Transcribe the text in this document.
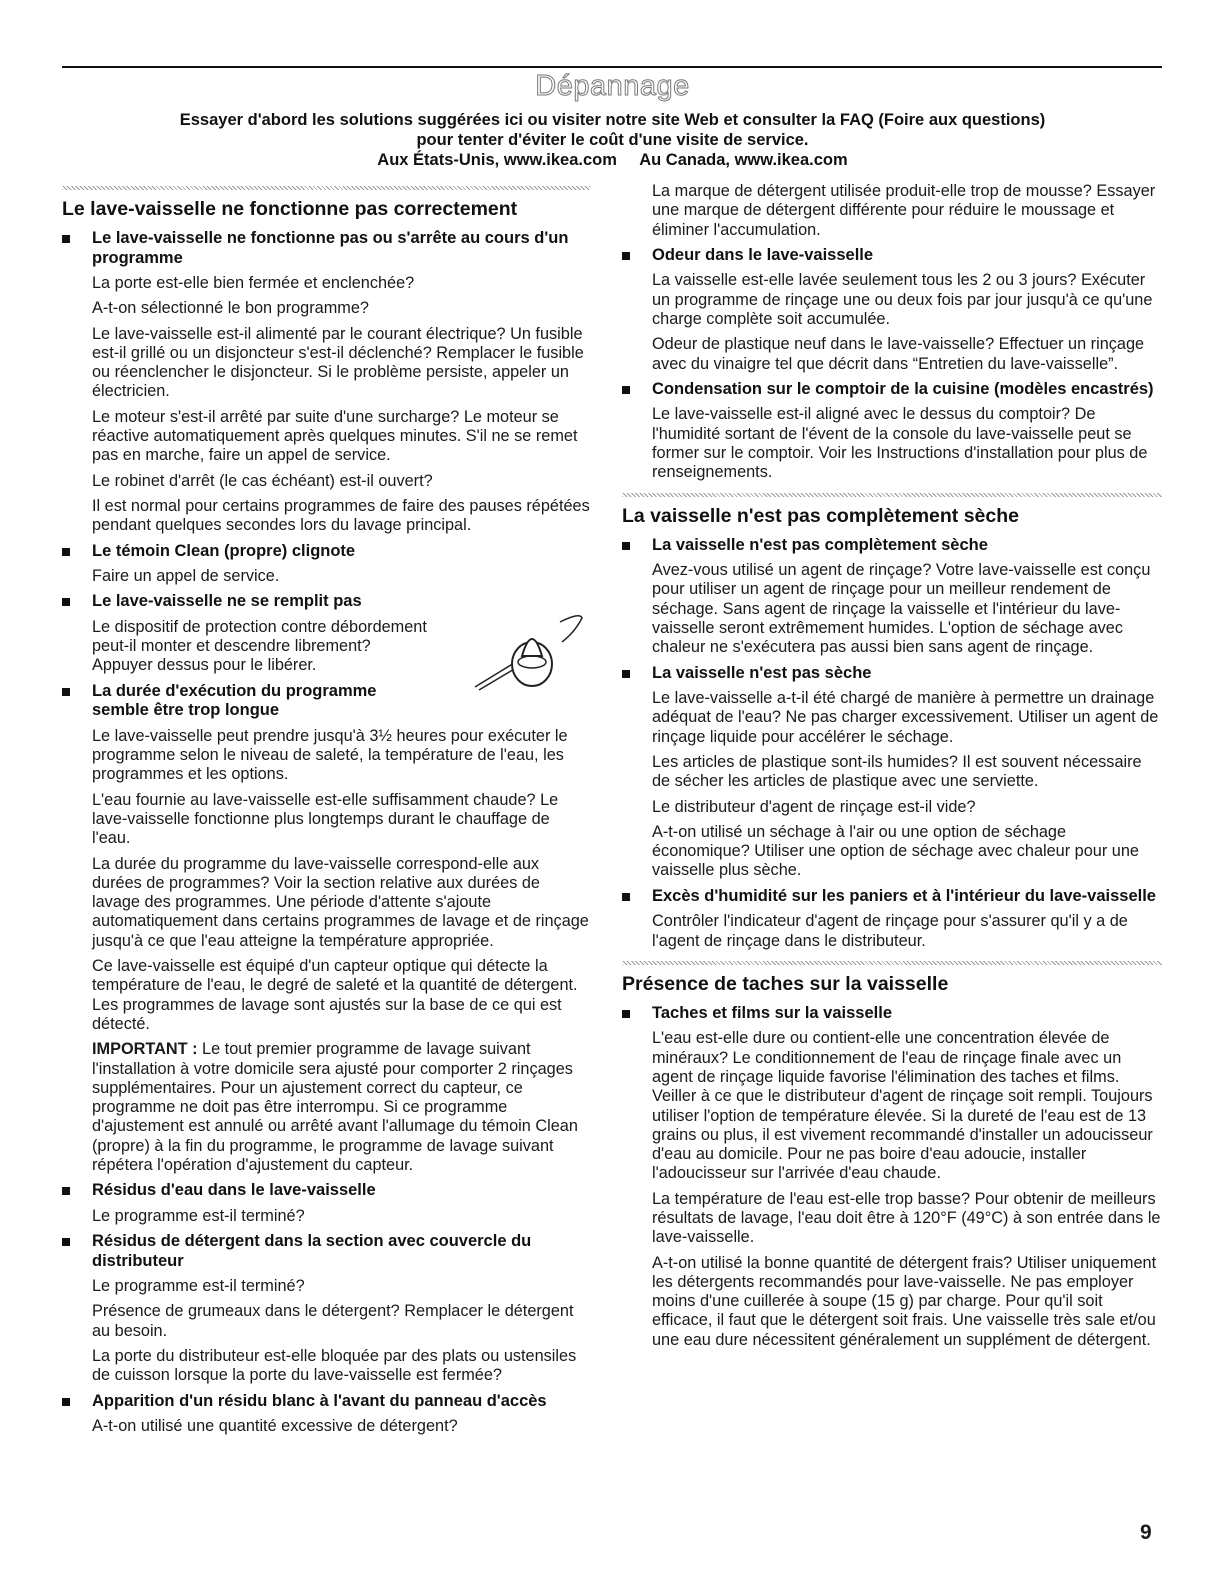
Dépannage
Essayer d'abord les solutions suggérées ici ou visiter notre site Web et consulter la FAQ (Foire aux questions)
pour tenter d'éviter le coût d'une visite de service.
Aux États-Unis, www.ikea.com     Au Canada, www.ikea.com
Le lave-vaisselle ne fonctionne pas correctement
Le lave-vaisselle ne fonctionne pas ou s'arrête au cours d'un programme

La porte est-elle bien fermée et enclenchée?

A-t-on sélectionné le bon programme?

Le lave-vaisselle est-il alimenté par le courant électrique? Un fusible est-il grillé ou un disjoncteur s'est-il déclenché? Remplacer le fusible ou réenclencher le disjoncteur. Si le problème persiste, appeler un électricien.

Le moteur s'est-il arrêté par suite d'une surcharge? Le moteur se réactive automatiquement après quelques minutes. S'il ne se remet pas en marche, faire un appel de service.

Le robinet d'arrêt (le cas échéant) est-il ouvert?

Il est normal pour certains programmes de faire des pauses répétées pendant quelques secondes lors du lavage principal.

Le témoin Clean (propre) clignote

Faire un appel de service.

Le lave-vaisselle ne se remplit pas

Le dispositif de protection contre débordement peut-il monter et descendre librement? Appuyer dessus pour le libérer.

La durée d'exécution du programme semble être trop longue

Le lave-vaisselle peut prendre jusqu'à 3½ heures pour exécuter le programme selon le niveau de saleté, la température de l'eau, les programmes et les options.

L'eau fournie au lave-vaisselle est-elle suffisamment chaude? Le lave-vaisselle fonctionne plus longtemps durant le chauffage de l'eau.

La durée du programme du lave-vaisselle correspond-elle aux durées de programmes? Voir la section relative aux durées de lavage des programmes. Une période d'attente s'ajoute automatiquement dans certains programmes de lavage et de rinçage jusqu'à ce que l'eau atteigne la température appropriée.

Ce lave-vaisselle est équipé d'un capteur optique qui détecte la température de l'eau, le degré de saleté et la quantité de détergent. Les programmes de lavage sont ajustés sur la base de ce qui est détecté.

IMPORTANT : Le tout premier programme de lavage suivant l'installation à votre domicile sera ajusté pour comporter 2 rinçages supplémentaires. Pour un ajustement correct du capteur, ce programme ne doit pas être interrompu. Si ce programme d'ajustement est annulé ou arrêté avant l'allumage du témoin Clean (propre) à la fin du programme, le programme de lavage suivant répétera l'opération d'ajustement du capteur.

Résidus d'eau dans le lave-vaisselle

Le programme est-il terminé?

Résidus de détergent dans la section avec couvercle du distributeur

Le programme est-il terminé?

Présence de grumeaux dans le détergent? Remplacer le détergent au besoin.

La porte du distributeur est-elle bloquée par des plats ou ustensiles de cuisson lorsque la porte du lave-vaisselle est fermée?

Apparition d'un résidu blanc à l'avant du panneau d'accès

A-t-on utilisé une quantité excessive de détergent?

La marque de détergent utilisée produit-elle trop de mousse? Essayer une marque de détergent différente pour réduire le moussage et éliminer l'accumulation.

Odeur dans le lave-vaisselle

La vaisselle est-elle lavée seulement tous les 2 ou 3 jours? Exécuter un programme de rinçage une ou deux fois par jour jusqu'à ce qu'une charge complète soit accumulée.

Odeur de plastique neuf dans le lave-vaisselle? Effectuer un rinçage avec du vinaigre tel que décrit dans “Entretien du lave-vaisselle”.

Condensation sur le comptoir de la cuisine (modèles encastrés)

Le lave-vaisselle est-il aligné avec le dessus du comptoir? De l'humidité sortant de l'évent de la console du lave-vaisselle peut se former sur le comptoir. Voir les Instructions d'installation pour plus de renseignements.

La vaisselle n'est pas complètement sèche
La vaisselle n'est pas complètement sèche

Avez-vous utilisé un agent de rinçage? Votre lave-vaisselle est conçu pour utiliser un agent de rinçage pour un meilleur rendement de séchage. Sans agent de rinçage la vaisselle et l'intérieur du lave-vaisselle seront extrêmement humides. L'option de séchage avec chaleur ne s'exécutera pas aussi bien sans agent de rinçage.

La vaisselle n'est pas sèche

Le lave-vaisselle a-t-il été chargé de manière à permettre un drainage adéquat de l'eau? Ne pas charger excessivement. Utiliser un agent de rinçage liquide pour accélérer le séchage.

Les articles de plastique sont-ils humides? Il est souvent nécessaire de sécher les articles de plastique avec une serviette.

Le distributeur d'agent de rinçage est-il vide?

A-t-on utilisé un séchage à l'air ou une option de séchage économique? Utiliser une option de séchage avec chaleur pour une vaisselle plus sèche.

Excès d'humidité sur les paniers et à l'intérieur du lave-vaisselle

Contrôler l'indicateur d'agent de rinçage pour s'assurer qu'il y a de l'agent de rinçage dans le distributeur.

Présence de taches sur la vaisselle
Taches et films sur la vaisselle

L'eau est-elle dure ou contient-elle une concentration élevée de minéraux? Le conditionnement de l'eau de rinçage finale avec un agent de rinçage liquide favorise l'élimination des taches et films. Veiller à ce que le distributeur d'agent de rinçage soit rempli. Toujours utiliser l'option de température élevée. Si la dureté de l'eau est de 13 grains ou plus, il est vivement recommandé d'installer un adoucisseur d'eau au domicile. Pour ne pas boire d'eau adoucie, installer l'adoucisseur sur l'arrivée d'eau chaude.

La température de l'eau est-elle trop basse? Pour obtenir de meilleurs résultats de lavage, l'eau doit être à 120°F (49°C) à son entrée dans le lave-vaisselle.

A-t-on utilisé la bonne quantité de détergent frais? Utiliser uniquement les détergents recommandés pour lave-vaisselle. Ne pas employer moins d'une cuillerée à soupe (15 g) par charge. Pour qu'il soit efficace, il faut que le détergent soit frais. Une vaisselle très sale et/ou une eau dure nécessitent généralement un supplément de détergent.

9
